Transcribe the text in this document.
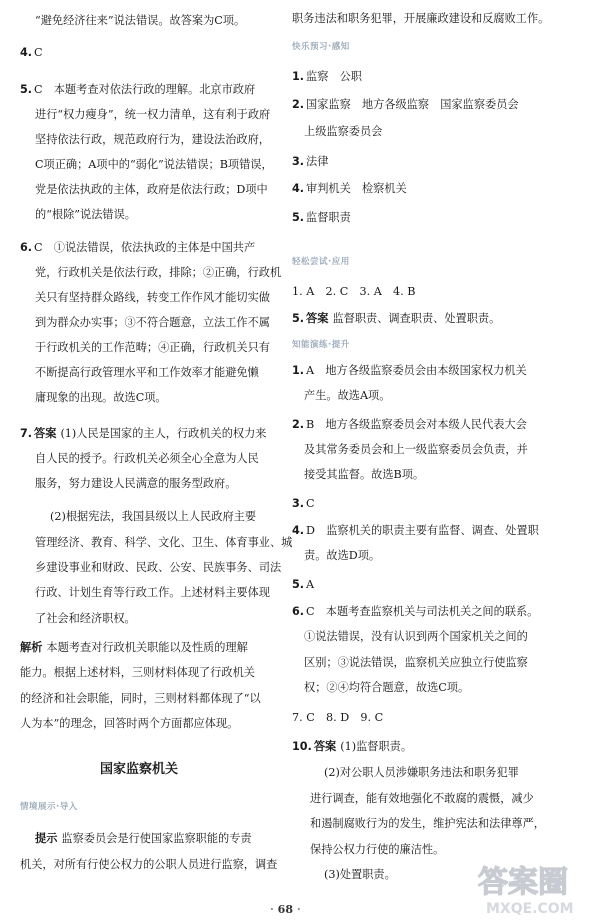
“避免经济往来”说法错误。故答案为C项。
4. C
5. C　本题考查对依法行政的理解。北京市政府
进行“权力瘦身”，统一权力清单，这有利于政府
坚持依法行政，规范政府行为，建设法治政府，
C项正确；A项中的“弱化”说法错误；B项错误，
党是依法执政的主体，政府是依法行政；D项中
的“根除”说法错误。
6. C　①说法错误，依法执政的主体是中国共产
党，行政机关是依法行政，排除；②正确，行政机
关只有坚持群众路线，转变工作作风才能切实做
到为群众办实事；③不符合题意，立法工作不属
于行政机关的工作范畴；④正确，行政机关只有
不断提高行政管理水平和工作效率才能避免懒
庸现象的出现。故选C项。
7. 答案 (1)人民是国家的主人，行政机关的权力来
自人民的授予。行政机关必须全心全意为人民
服务，努力建设人民满意的服务型政府。
(2)根据宪法，我国县级以上人民政府主要
管理经济、教育、科学、文化、卫生、体育事业、城
乡建设事业和财政、民政、公安、民族事务、司法
行政、计划生育等行政工作。上述材料主要体现
了社会和经济职权。
解析 本题考查对行政机关职能以及性质的理解
能力。根据上述材料，三则材料体现了行政机关
的经济和社会职能，同时，三则材料都体现了“以
人为本”的理念，回答时两个方面都应体现。
国家监察机关
情境展示·导入
提示 监察委员会是行使国家监察职能的专责
机关，对所有行使公权力的公职人员进行监察，调查
职务违法和职务犯罪，开展廉政建设和反腐败工作。
快乐预习·感知
1. 监察　公职
2. 国家监察　地方各级监察　国家监察委员会
上级监察委员会
3. 法律
4. 审判机关　检察机关
5. 监督职责
轻松尝试·应用
1. A　2. C　3. A　4. B
5. 答案 监督职责、调查职责、处置职责。
知能演练·提升
1. A　地方各级监察委员会由本级国家权力机关
产生。故选A项。
2. B　地方各级监察委员会对本级人民代表大会
及其常务委员会和上一级监察委员会负责，并
接受其监督。故选B项。
3. C
4. D　监察机关的职责主要有监督、调查、处置职
责。故选D项。
5. A
6. C　本题考查监察机关与司法机关之间的联系。
①说法错误，没有认识到两个国家机关之间的
区别；③说法错误，监察机关应独立行使监察
权；②④均符合题意，故选C项。
7. C　8. D　9. C
10. 答案 (1)监督职责。
(2)对公职人员涉嫌职务违法和职务犯罪
进行调查，能有效地强化不敢腐的震慑，减少
和遏制腐败行为的发生，维护宪法和法律尊严，
保持公权力行使的廉洁性。
(3)处置职责。
· 68 ·
答案圈
MXQE.COM
